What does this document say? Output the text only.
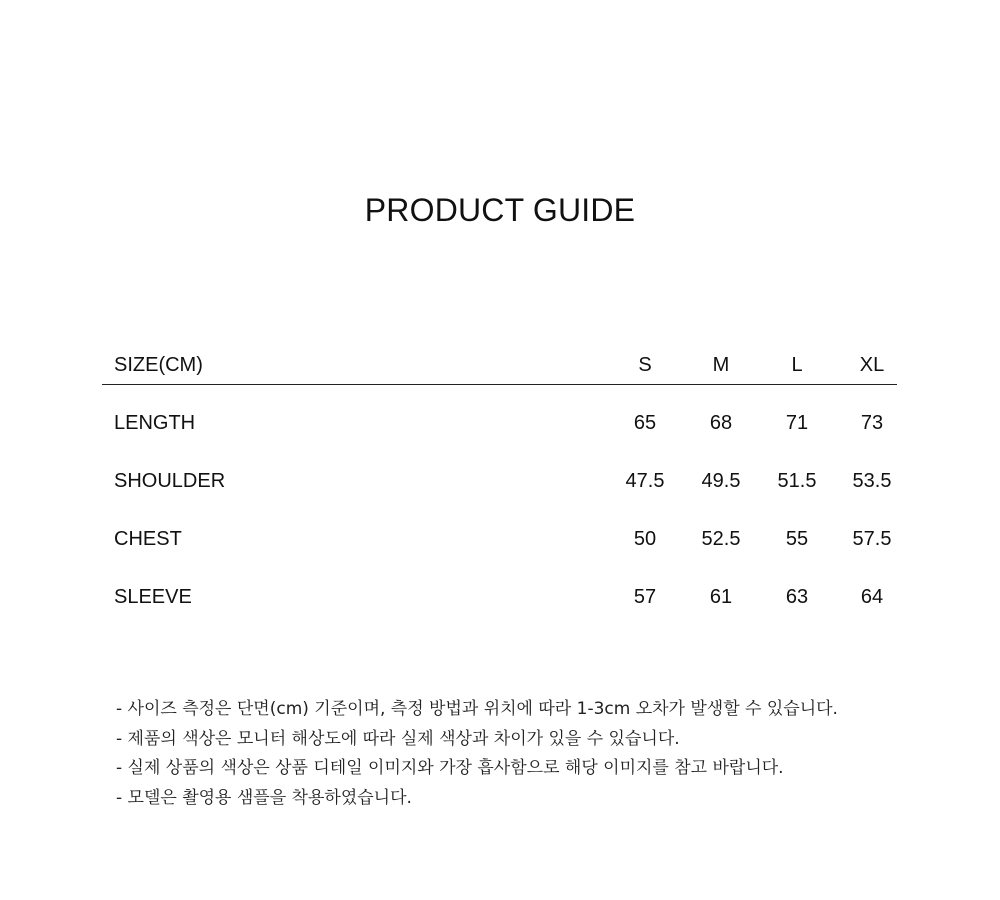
PRODUCT GUIDE
SIZE(CM)	S	M	L	XL
LENGTH	65	68	71	73
SHOULDER	47.5	49.5	51.5	53.5
CHEST	50	52.5	55	57.5
SLEEVE	57	61	63	64
- 사이즈 측정은 단면(cm) 기준이며, 측정 방법과 위치에 따라 1-3cm 오차가 발생할 수 있습니다.
- 제품의 색상은 모니터 해상도에 따라 실제 색상과 차이가 있을 수 있습니다.
- 실제 상품의 색상은 상품 디테일 이미지와 가장 흡사함으로 해당 이미지를 참고 바랍니다.
- 모델은 촬영용 샘플을 착용하였습니다.
